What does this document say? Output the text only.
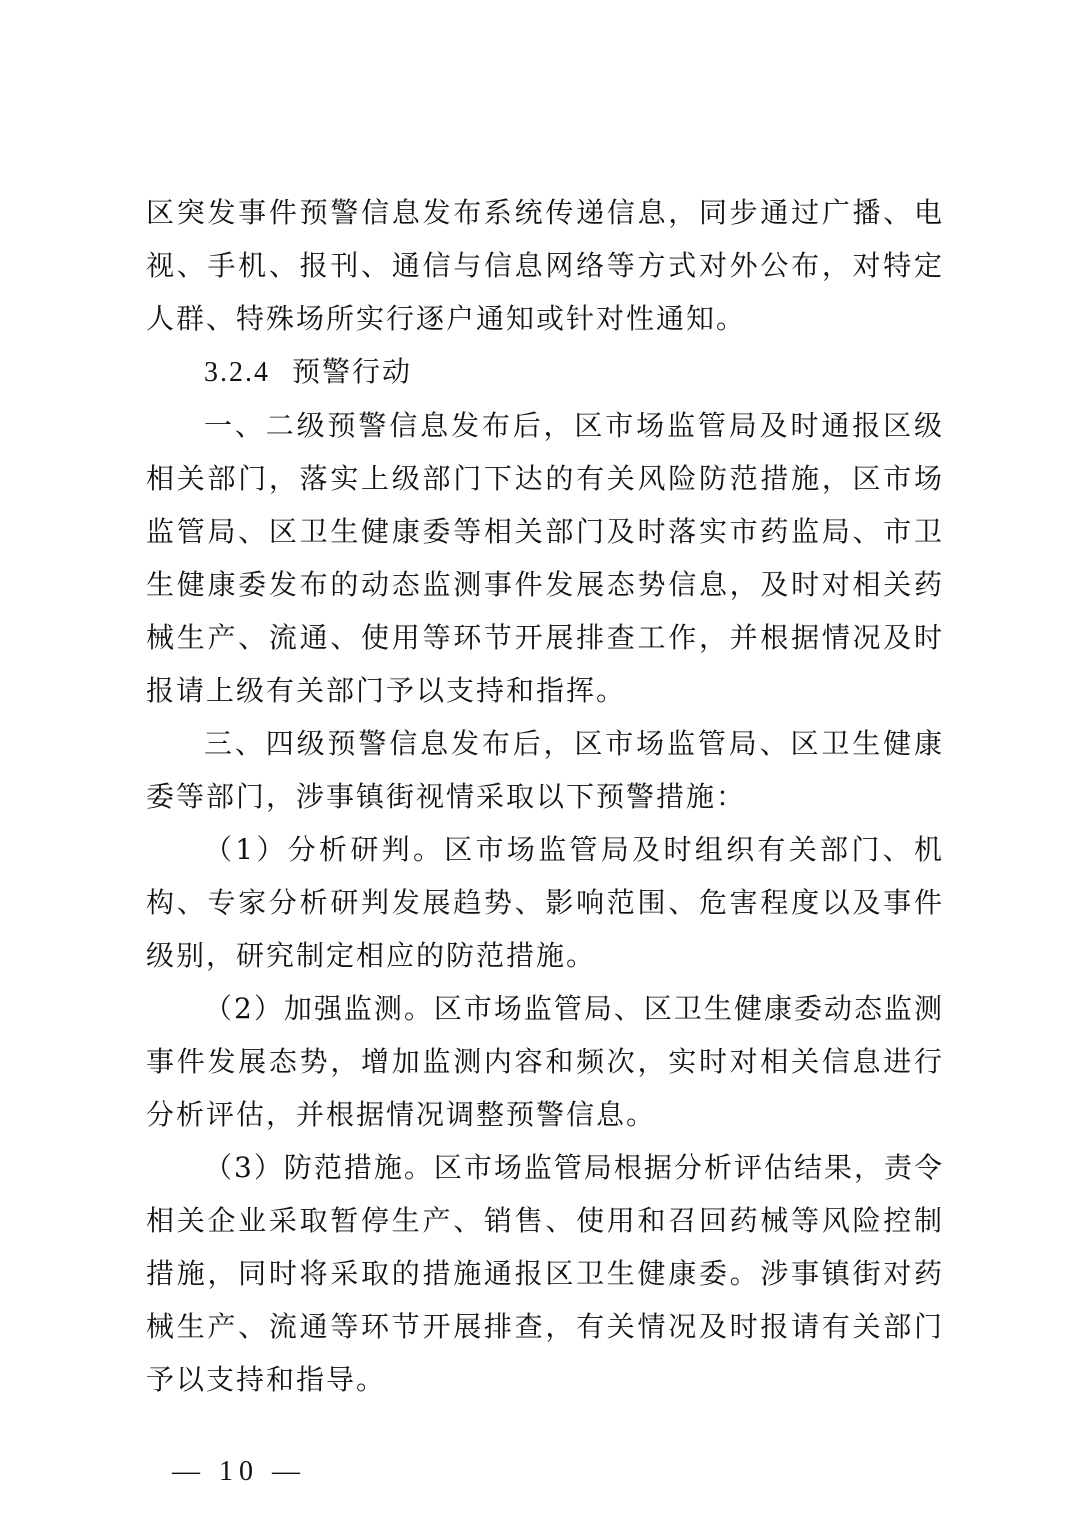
区突发事件预警信息发布系统传递信息，同步通过广播、电视、手机、报刊、通信与信息网络等方式对外公布，对特定人群、特殊场所实行逐户通知或针对性通知。

3.2.4 预警行动

一、二级预警信息发布后，区市场监管局及时通报区级相关部门，落实上级部门下达的有关风险防范措施，区市场监管局、区卫生健康委等相关部门及时落实市药监局、市卫生健康委发布的动态监测事件发展态势信息，及时对相关药械生产、流通、使用等环节开展排查工作，并根据情况及时报请上级有关部门予以支持和指挥。

三、四级预警信息发布后，区市场监管局、区卫生健康委等部门，涉事镇街视情采取以下预警措施：

（1）分析研判。区市场监管局及时组织有关部门、机构、专家分析研判发展趋势、影响范围、危害程度以及事件级别，研究制定相应的防范措施。

（2）加强监测。区市场监管局、区卫生健康委动态监测事件发展态势，增加监测内容和频次，实时对相关信息进行分析评估，并根据情况调整预警信息。

（3）防范措施。区市场监管局根据分析评估结果，责令相关企业采取暂停生产、销售、使用和召回药械等风险控制措施，同时将采取的措施通报区卫生健康委。涉事镇街对药械生产、流通等环节开展排查，有关情况及时报请有关部门予以支持和指导。

— 10 —
